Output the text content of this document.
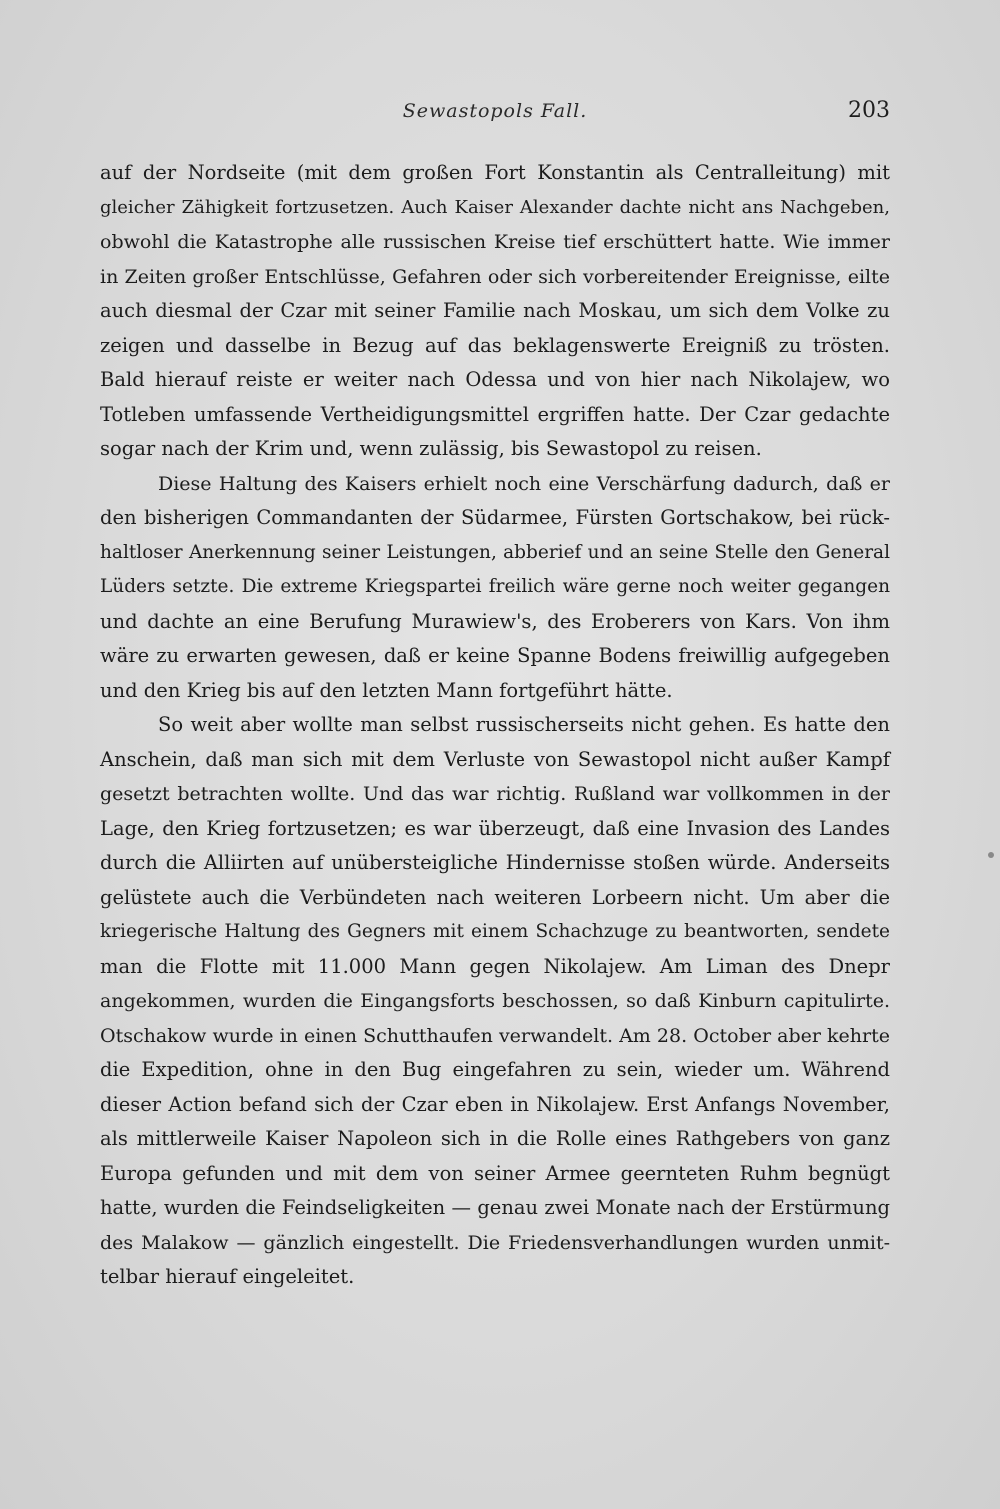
Sewastopols Fall.	203
auf der Nordseite (mit dem großen Fort Konstantin als Centralleitung) mit
gleicher Zähigkeit fortzusetzen. Auch Kaiser Alexander dachte nicht ans Nachgeben,
obwohl die Katastrophe alle russischen Kreise tief erschüttert hatte. Wie immer
in Zeiten großer Entschlüsse, Gefahren oder sich vorbereitender Ereignisse, eilte
auch diesmal der Czar mit seiner Familie nach Moskau, um sich dem Volke zu
zeigen und dasselbe in Bezug auf das beklagenswerte Ereigniß zu trösten.
Bald hierauf reiste er weiter nach Odessa und von hier nach Nikolajew, wo
Totleben umfassende Vertheidigungsmittel ergriffen hatte. Der Czar gedachte
sogar nach der Krim und, wenn zulässig, bis Sewastopol zu reisen.
Diese Haltung des Kaisers erhielt noch eine Verschärfung dadurch, daß er
den bisherigen Commandanten der Südarmee, Fürsten Gortschakow, bei rück-
haltloser Anerkennung seiner Leistungen, abberief und an seine Stelle den General
Lüders setzte. Die extreme Kriegspartei freilich wäre gerne noch weiter gegangen
und dachte an eine Berufung Murawiew's, des Eroberers von Kars. Von ihm
wäre zu erwarten gewesen, daß er keine Spanne Bodens freiwillig aufgegeben
und den Krieg bis auf den letzten Mann fortgeführt hätte.
So weit aber wollte man selbst russischerseits nicht gehen. Es hatte den
Anschein, daß man sich mit dem Verluste von Sewastopol nicht außer Kampf
gesetzt betrachten wollte. Und das war richtig. Rußland war vollkommen in der
Lage, den Krieg fortzusetzen; es war überzeugt, daß eine Invasion des Landes
durch die Alliirten auf unübersteigliche Hindernisse stoßen würde. Anderseits
gelüstete auch die Verbündeten nach weiteren Lorbeern nicht. Um aber die
kriegerische Haltung des Gegners mit einem Schachzuge zu beantworten, sendete
man die Flotte mit 11.000 Mann gegen Nikolajew. Am Liman des Dnepr
angekommen, wurden die Eingangsforts beschossen, so daß Kinburn capitulirte.
Otschakow wurde in einen Schutthaufen verwandelt. Am 28. October aber kehrte
die Expedition, ohne in den Bug eingefahren zu sein, wieder um. Während
dieser Action befand sich der Czar eben in Nikolajew. Erst Anfangs November,
als mittlerweile Kaiser Napoleon sich in die Rolle eines Rathgebers von ganz
Europa gefunden und mit dem von seiner Armee geernteten Ruhm begnügt
hatte, wurden die Feindseligkeiten — genau zwei Monate nach der Erstürmung
des Malakow — gänzlich eingestellt. Die Friedensverhandlungen wurden unmit-
telbar hierauf eingeleitet.
